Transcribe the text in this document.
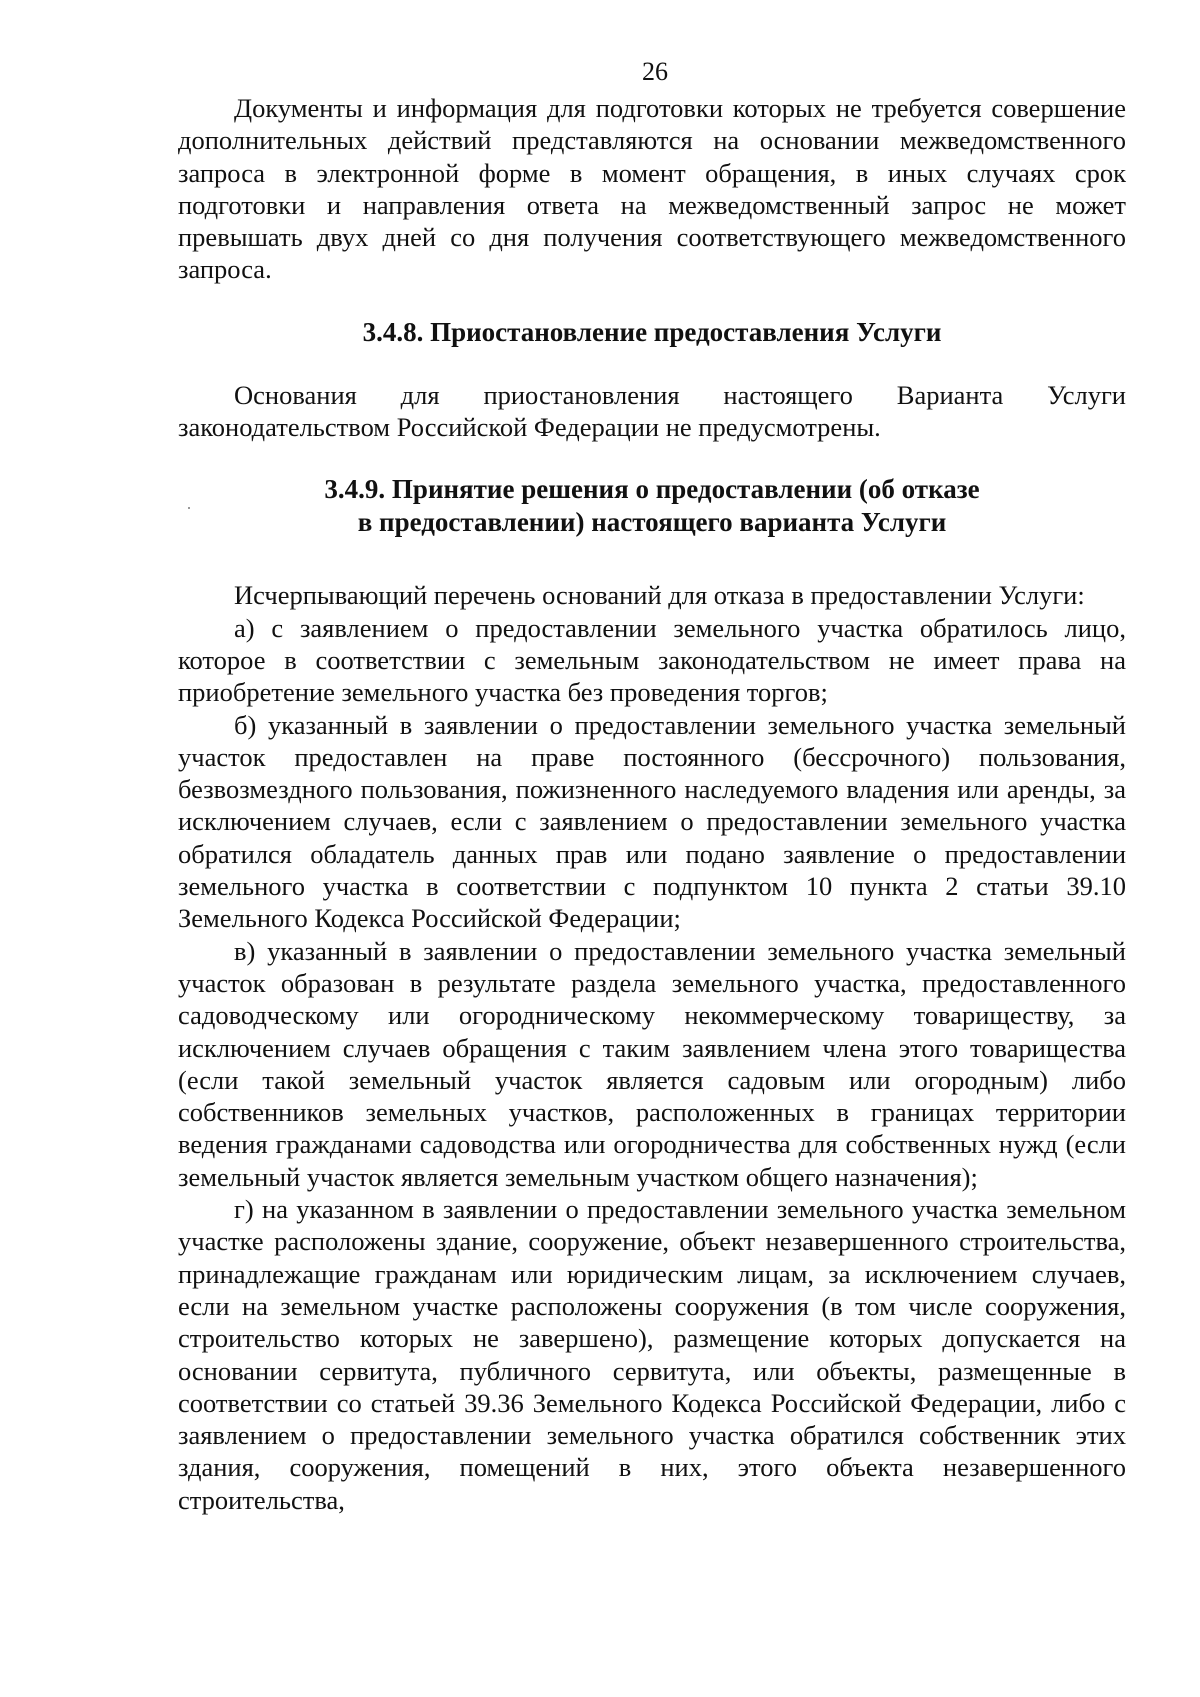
26

Документы и информация для подготовки которых не требуется совершение дополнительных действий представляются на основании межведомственного запроса в электронной форме в момент обращения, в иных случаях срок подготовки и направления ответа на межведомственный запрос не может превышать двух дней со дня получения соответствующего межведомственного запроса.

3.4.8. Приостановление предоставления Услуги

Основания для приостановления настоящего Варианта Услуги законодательством Российской Федерации не предусмотрены.

3.4.9. Принятие решения о предоставлении (об отказе
в предоставлении) настоящего варианта Услуги

Исчерпывающий перечень оснований для отказа в предоставлении Услуги:

а) с заявлением о предоставлении земельного участка обратилось лицо, которое в соответствии с земельным законодательством не имеет права на приобретение земельного участка без проведения торгов;

б) указанный в заявлении о предоставлении земельного участка земельный участок предоставлен на праве постоянного (бессрочного) пользования, безвозмездного пользования, пожизненного наследуемого владения или аренды, за исключением случаев, если с заявлением о предоставлении земельного участка обратился обладатель данных прав или подано заявление о предоставлении земельного участка в соответствии с подпунктом 10 пункта 2 статьи 39.10 Земельного Кодекса Российской Федерации;

в) указанный в заявлении о предоставлении земельного участка земельный участок образован в результате раздела земельного участка, предоставленного садоводческому или огородническому некоммерческому товариществу, за исключением случаев обращения с таким заявлением члена этого товарищества (если такой земельный участок является садовым или огородным) либо собственников земельных участков, расположенных в границах территории ведения гражданами садоводства или огородничества для собственных нужд (если земельный участок является земельным участком общего назначения);

г) на указанном в заявлении о предоставлении земельного участка земельном участке расположены здание, сооружение, объект незавершенного строительства, принадлежащие гражданам или юридическим лицам, за исключением случаев, если на земельном участке расположены сооружения (в том числе сооружения, строительство которых не завершено), размещение которых допускается на основании сервитута, публичного сервитута, или объекты, размещенные в соответствии со статьей 39.36 Земельного Кодекса Российской Федерации, либо с заявлением о предоставлении земельного участка обратился собственник этих здания, сооружения, помещений в них, этого объекта незавершенного строительства,
